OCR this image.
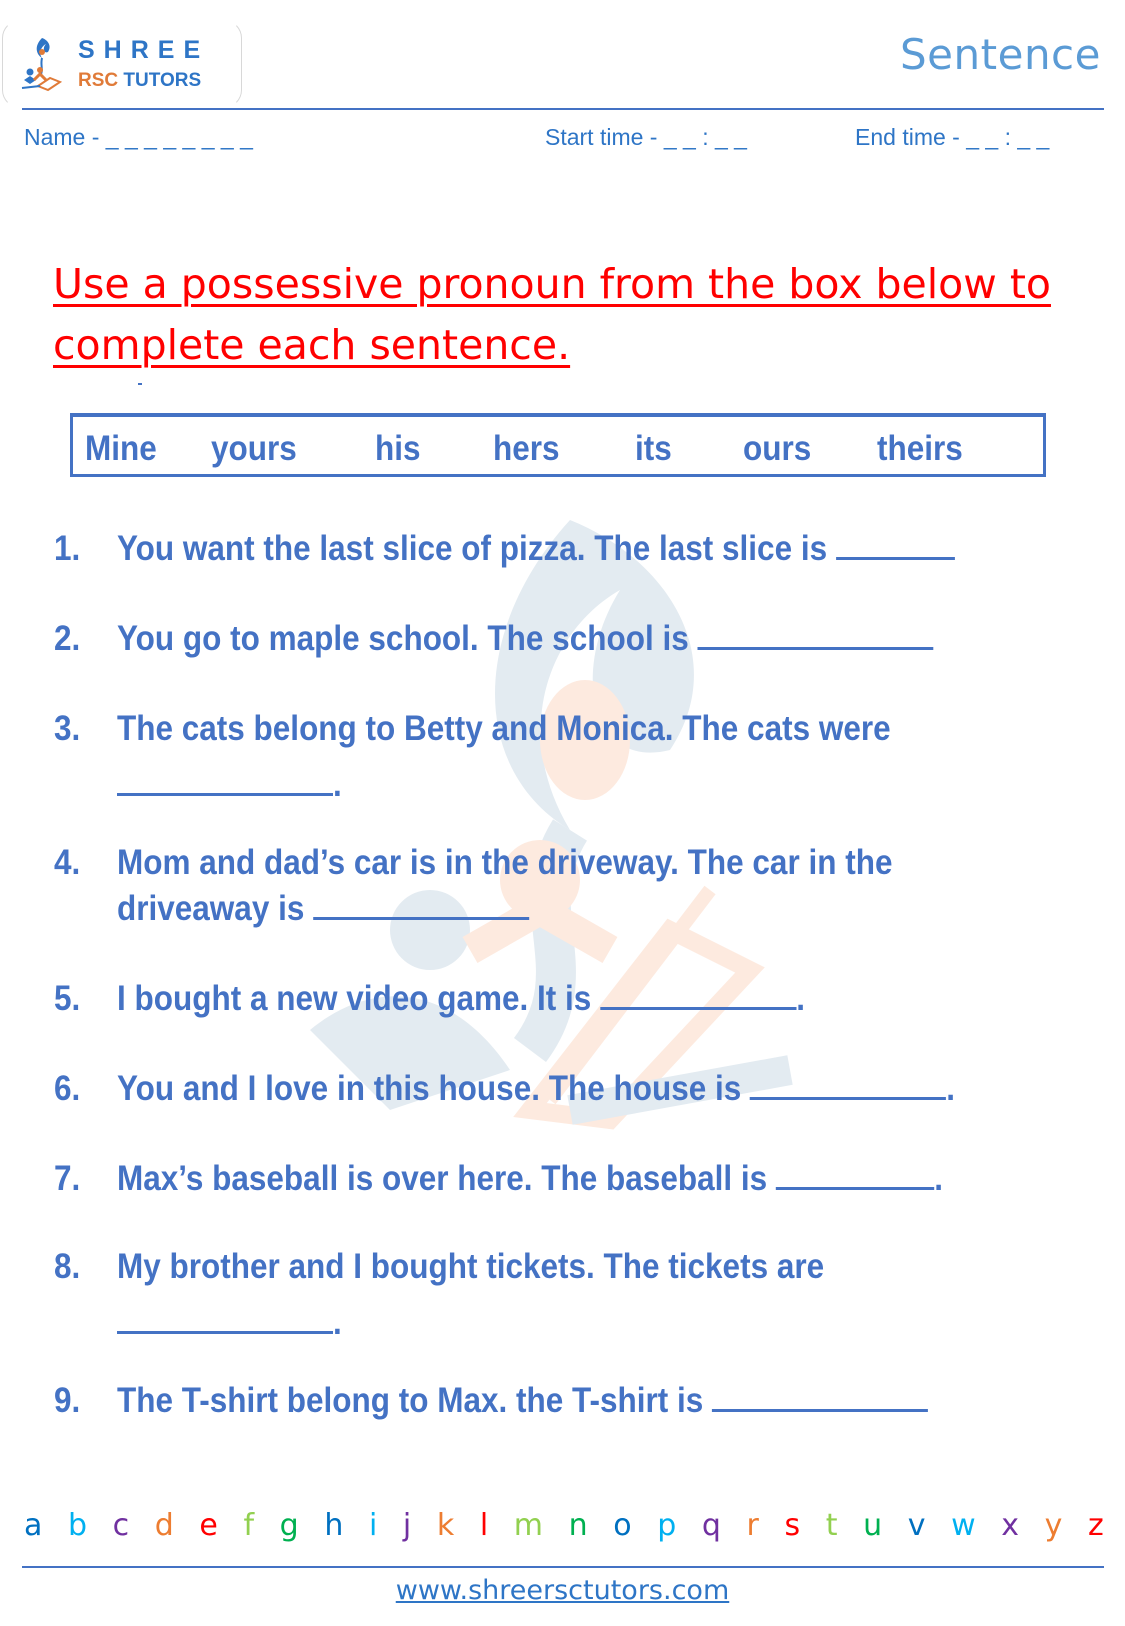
SHREE
RSC TUTORS
Sentence
Name - _ _ _ _ _ _ _ _	Start time - _ _ : _ _	End time - _ _ : _ _
Use a possessive pronoun from the box below to complete each sentence.
Mine yours his hers its ours theirs
1. You want the last slice of pizza. The last slice is
2. You go to maple school. The school is
3. The cats belong to Betty and Monica. The cats were
.
4. Mom and dad’s car is in the driveway. The car in the
driveaway is
5. I bought a new video game. It is	.
6. You and I love in this house. The house is	.
7. Max’s baseball is over here. The baseball is	.
8. My brother and I bought tickets. The tickets are
.
9. The T-shirt belong to Max. the T-shirt is
a b c d e f g h i j k l m n o p q r s t u v w x y z
www.shreersctutors.com
